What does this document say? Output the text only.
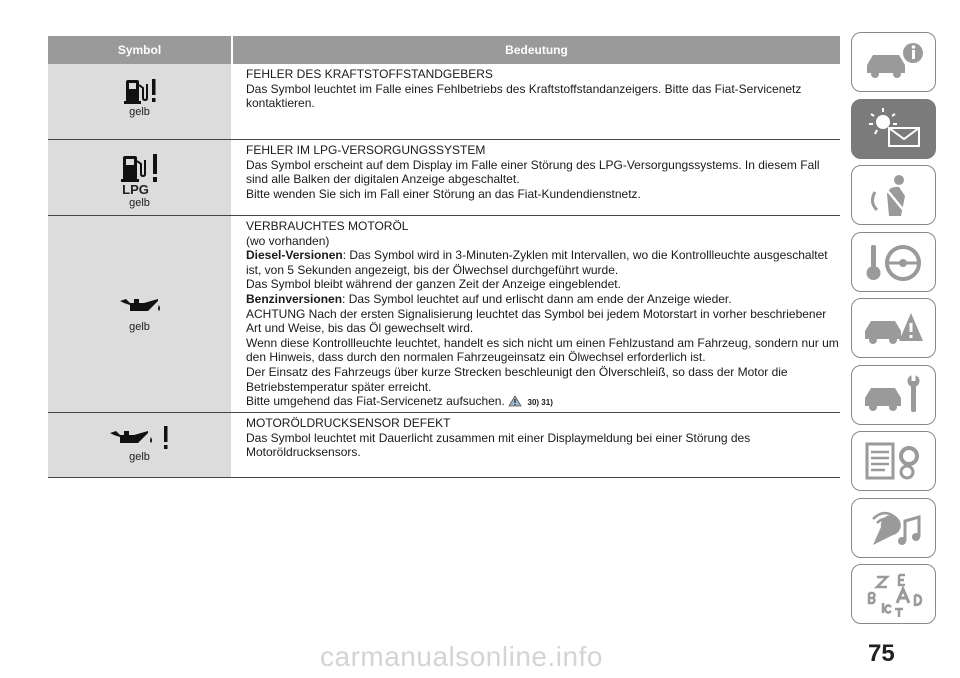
Symbol	Bedeutung
gelb

FEHLER DES KRAFTSTOFFSTANDGEBERS

Das Symbol leuchtet im Falle eines Fehlbetriebs des Kraftstoffstandanzeigers. Bitte das Fiat-Servicenetz kontaktieren.

LPG
gelb

FEHLER IM LPG-VERSORGUNGSSYSTEM

Das Symbol erscheint auf dem Display im Falle einer Störung des LPG-Versorgungssystems. In diesem Fall sind alle Balken der digitalen Anzeige abgeschaltet.

Bitte wenden Sie sich im Fall einer Störung an das Fiat-Kundendienstnetz.

gelb

VERBRAUCHTES MOTORÖL

(wo vorhanden)

Diesel-Versionen: Das Symbol wird in 3-Minuten-Zyklen mit Intervallen, wo die Kontrollleuchte ausgeschaltet ist, von 5 Sekunden angezeigt, bis der Ölwechsel durchgeführt wurde.

Das Symbol bleibt während der ganzen Zeit der Anzeige eingeblendet.

Benzinversionen: Das Symbol leuchtet auf und erlischt dann am ende der Anzeige wieder.

ACHTUNG Nach der ersten Signalisierung leuchtet das Symbol bei jedem Motorstart in vorher beschriebener Art und Weise, bis das Öl gewechselt wird.

Wenn diese Kontrollleuchte leuchtet, handelt es sich nicht um einen Fehlzustand am Fahrzeug, sondern nur um den Hinweis, dass durch den normalen Fahrzeugeinsatz ein Ölwechsel erforderlich ist.

Der Einsatz des Fahrzeugs über kurze Strecken beschleunigt den Ölverschleiß, so dass der Motor die Betriebstemperatur später erreicht.

Bitte umgehend das Fiat-Servicenetz aufsuchen.	30) 31)

gelb

MOTORÖLDRUCKSENSOR DEFEKT

Das Symbol leuchtet mit Dauerlicht zusammen mit einer Displaymeldung bei einer Störung des Motoröldrucksensors.

75
carmanualsonline.info
